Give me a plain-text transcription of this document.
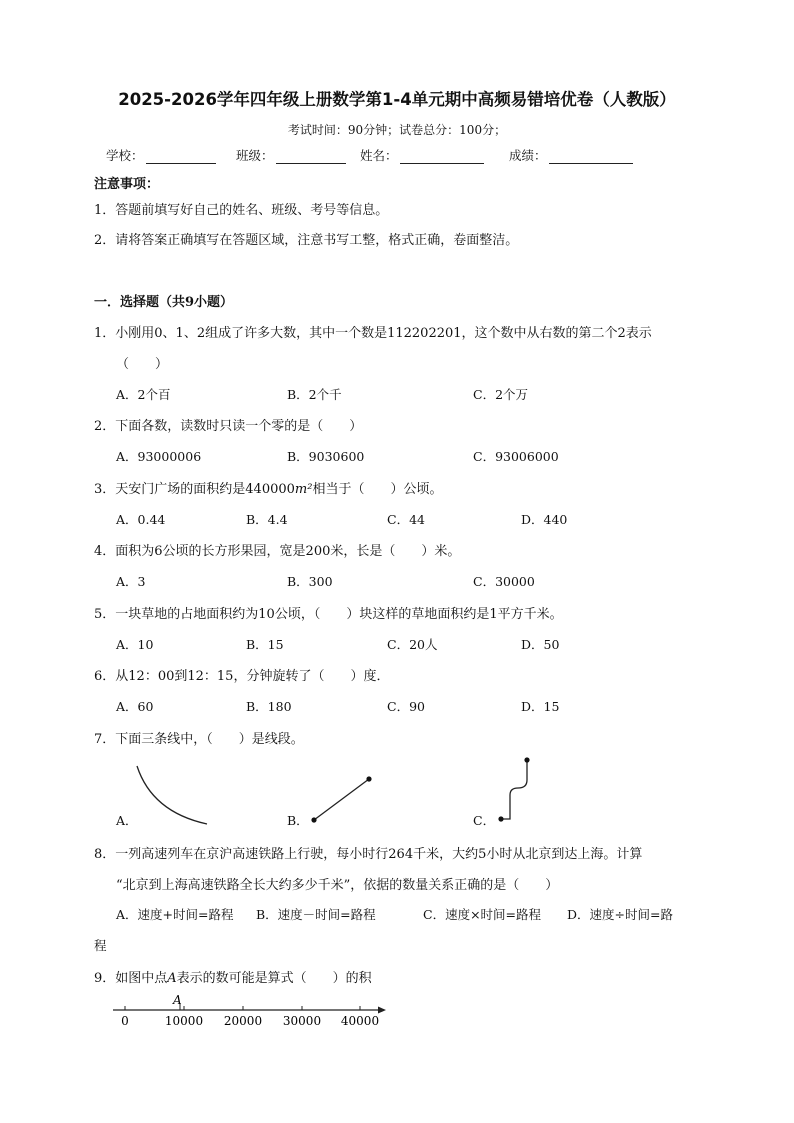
2025-2026学年四年级上册数学第1-4单元期中高频易错培优卷（人教版）
考试时间：90分钟；试卷总分：100分；
学校：	班级：	姓名：	成绩：
注意事项：
1．答题前填写好自己的姓名、班级、考号等信息。
2．请将答案正确填写在答题区域，注意书写工整，格式正确，卷面整洁。
一．选择题（共9小题）
1．小刚用0、1、2组成了许多大数，其中一个数是112202201，这个数中从右数的第二个2表示
（　　）
A．2个百	B．2个千	C．2个万
2．下面各数，读数时只读一个零的是（　　）
A．93000006	B．9030600	C．93006000
3．天安门广场的面积约是440000m²相当于（　　）公顷。
A．0.44	B．4.4	C．44	D．440
4．面积为6公顷的长方形果园，宽是200米，长是（　　）米。
A．3	B．300	C．30000
5．一块草地的占地面积约为10公顷，（　　）块这样的草地面积约是1平方千米。
A．10	B．15	C．20人	D．50
6．从12：00到12：15，分钟旋转了（　　）度．
A．60	B．180	C．90	D．15
7．下面三条线中，（　　）是线段。
A．	B．	C．
8．一列高速列车在京沪高速铁路上行驶，每小时行264千米，大约5小时从北京到达上海。计算
“北京到上海高速铁路全长大约多少千米”，依据的数量关系正确的是（　　）
A．速度+时间=路程 B．速度－时间=路程	C．速度×时间=路程 D．速度÷时间=路
程
9．如图中点A表示的数可能是算式（　　）的积
A
0	10000 20000 30000 40000
